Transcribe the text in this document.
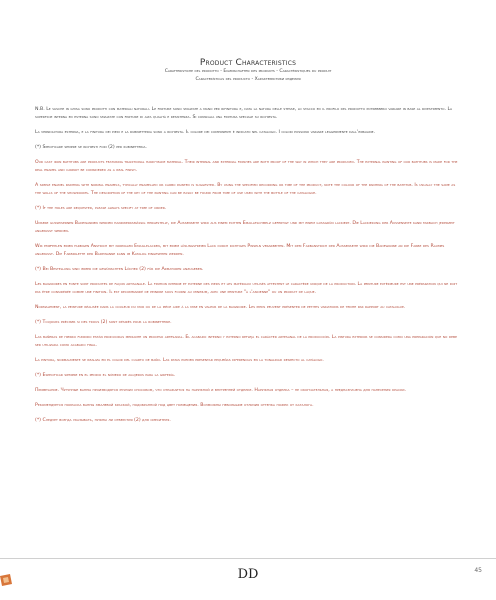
Product Characteristics
Caratteristiche del prodotto - Eigenschaften des produkts - Caractéristiques du produit
Características del producto - Характеристики изделия
N.B. Le vasche in ghisa sono prodotti con materiali naturali. Le finiture sono smaltate a mano per rifinitura e, data la natura delle stesse, lo stacco ed il profilo del prodotto potrebbero variare in base al rivestimento. La superficie interna ed esterna sono smaltate con finiture di alta qualità e resistenza. Si consiglia una finitura speciale su richiesta.
La verniciatura esterna, e la finitura dei piedi e la rubinetteria sono a richiesta. Il colore dei componenti è indicato nel catalogo. I colori possono variare leggermente dall'immagine.
(*) Specificare sempre se richiesti fori (2) per rubinetteria.
Our cast iron bathtubs are products featuring traditional hand-made material. Their internal and external finishes are both proof of the way in which they are produced. The external painting of our bathtubs is made for the real enamel and cannot be considered as a real finish.
A simple enamel painting with normal enamels, typically enamelled or carbo painted is suggested. By using the specified recording or time of the product, note the colour of the painting of the bathtub. Is usually the same as the walls of the showrooms. The description of the key of the painting can be easily be found from time of use used with the bottle of the catalogue.
(*) If the holes are requested, please always specify at time of order.
Unsere gusseisernen Badewannen werden handwerksmäßig hergestellt, die Aussenseite wird aus einem echten Emailleschmelz gefertigt und mit einem gussgrün lackiert. Die Lackierung der Aussenseite kann farblich jederzeit angepasst werden.
Wir empfehlen einen farbigen Anstrich mit normalen Emaillelacken, mit einem lösungsfreien Lack durch richtiges Pinseln verarbeiten. Mit dem Farbanstrich der Aussenseite wird die Badewanne an die Farbe des Raumes angepasst. Die Farbpalette der Badewanne kann im Katalog eingesehen werden.
(*) Bei Bestellung sind immer die gewünschten Löcher (2) für die Armaturen anzugeben.
Les baignoires en fonte sont produites de façon artisanale. La finition interne et externe des pieds et les matériaux utilisés attestent le caractère unique de la production. La peinture extérieure est une préparation qui ne doit pas être considérée comme une finition. Il est recommandé de peindre sous fourni au minimum, avec une peinture "à l'ancienne" ou un produit de laque.
Normalement, la peinture réalisée dans la couleur du mur ou de la pièce aide à la mise en valeur de la baignoire. Les pieds peuvent présenter de petites variations de teinte par rapport au catalogue.
(*) Toujours préciser si des trous (2) sont désirés pour la robinetterie.
Las bañeras de hierro fundido están producidas mediante un proceso artesanal. El acabado interno y externo refleja el carácter artesanal de la producción. La pintura exterior se considera como una preparación que no debe ser utilizada como acabado final.
La pintura, normalmente se realiza en el color del cuarto de baño. Las patas pueden presentar pequeñas diferencias en la tonalidad respecto al catálogo.
(*) Especificar siempre en el pedido el número de agujeros para la grifería.
Примечание. Чугунные ванны производятся ручным способом, что отражается на наружной и внутренней отделке. Наружная отделка – не окончательная, а предназначена для нанесения краски.
Рекомендуется покраска ванны эмалевой краской, подобранной под цвет помещения. Возможны небольшие отличия оттенка ножек от каталога.
(*) Следует всегда указывать, нужны ли отверстия (2) для смесителя.
DD	45
